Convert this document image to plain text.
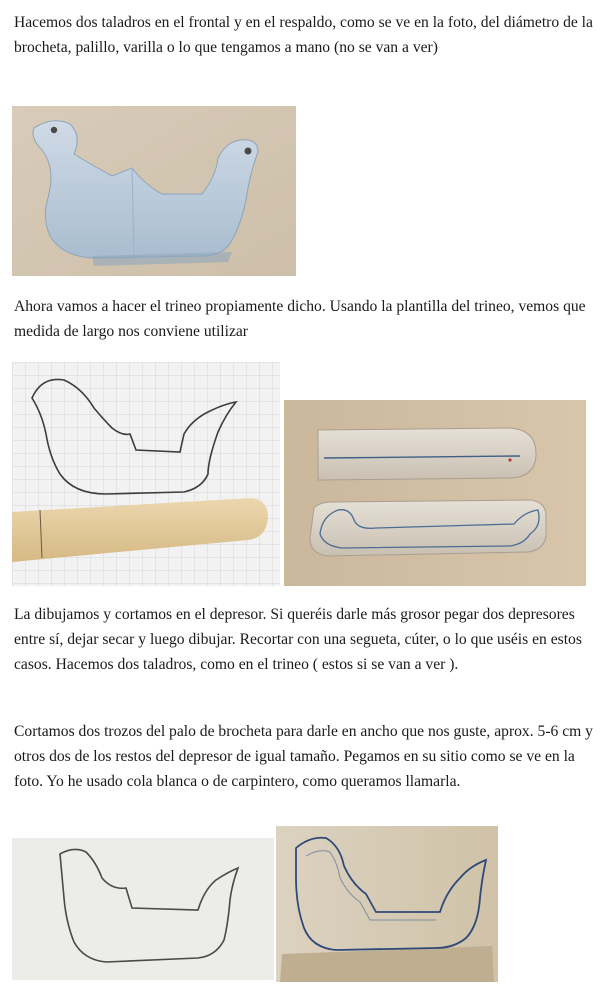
Hacemos dos taladros en el frontal y en el respaldo, como se ve en la foto, del diámetro de la brocheta, palillo, varilla o lo que tengamos a mano (no se van a ver)

Ahora vamos a hacer el trineo propiamente dicho. Usando la plantilla del trineo, vemos que medida de largo nos conviene utilizar

La dibujamos y cortamos en el depresor. Si queréis darle más grosor pegar dos depresores entre sí, dejar secar y luego dibujar. Recortar con una segueta, cúter, o lo que uséis en estos casos. Hacemos dos taladros, como en el trineo ( estos si se van a ver ).

Cortamos dos trozos del palo de brocheta para darle en ancho que nos guste, aprox. 5-6 cm y otros dos de los restos del depresor de igual tamaño. Pegamos en su sitio como se ve en la foto. Yo he usado cola blanca o de carpintero, como queramos llamarla.
